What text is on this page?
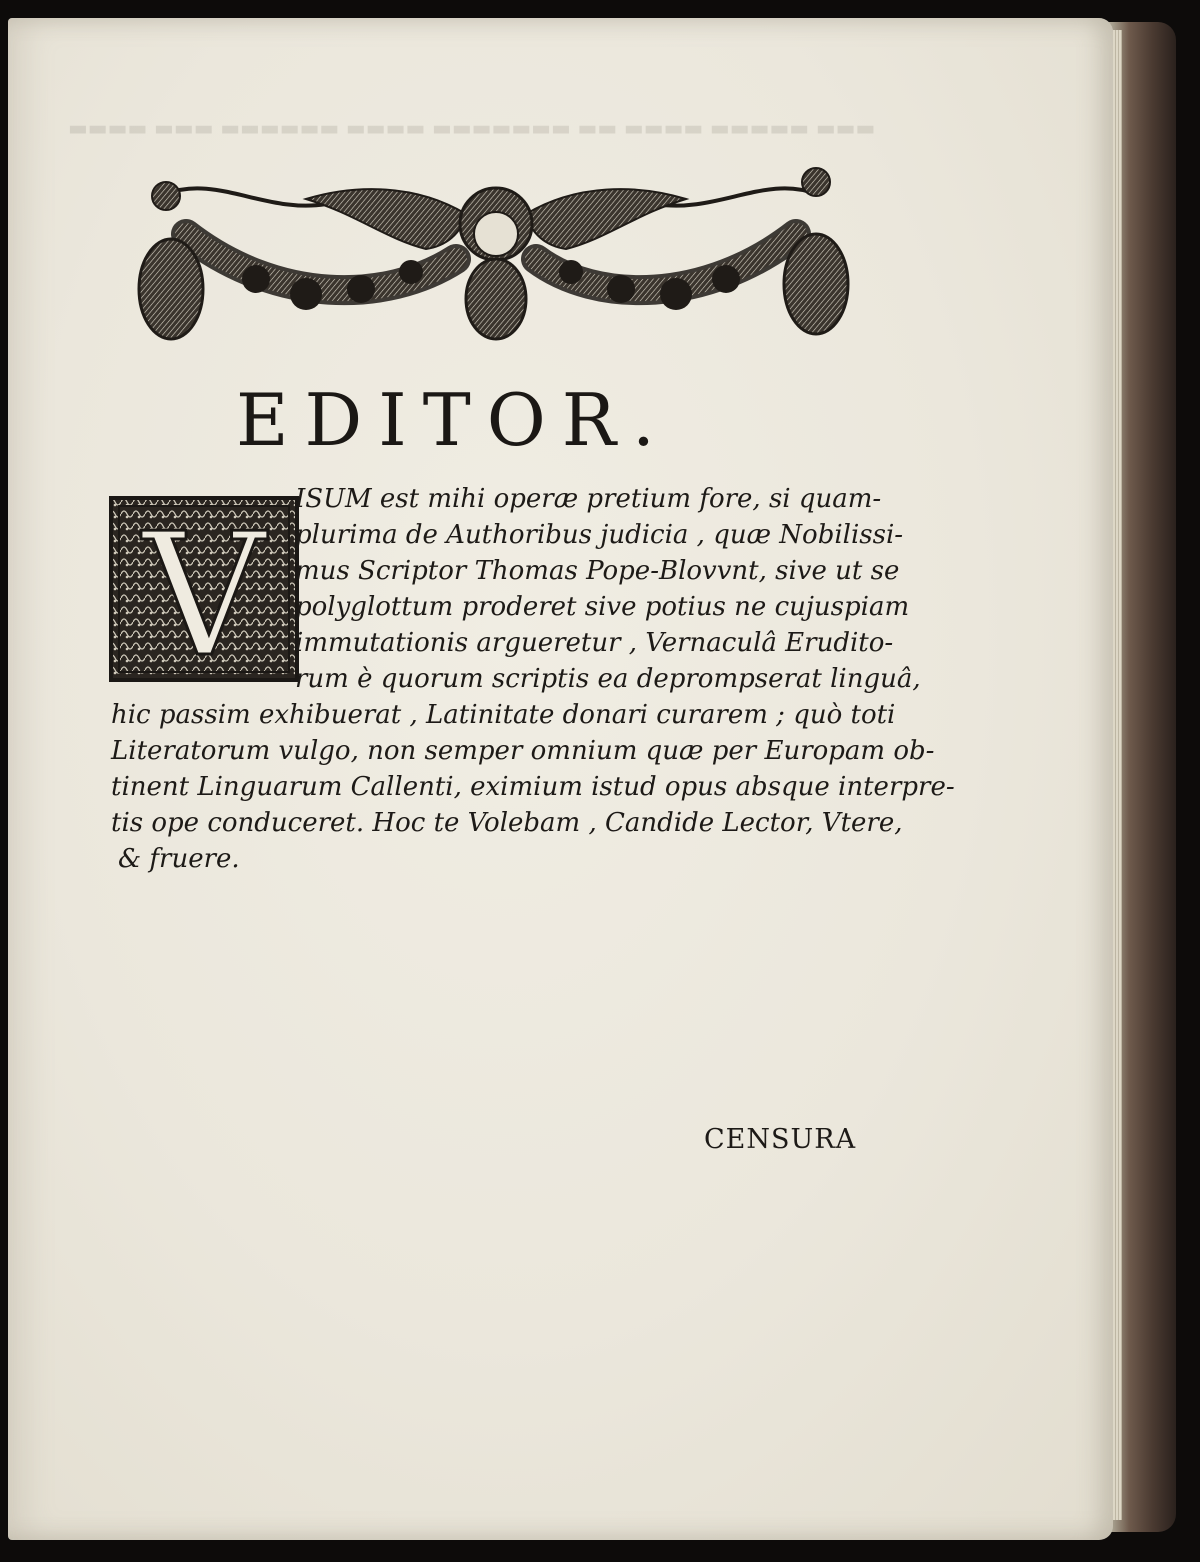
▬▬▬ ▬▬▬▬▬ ▬▬▬▬ ▬▬ ▬▬▬▬▬▬▬ ▬▬▬▬ ▬▬▬▬▬▬ ▬▬▬ ▬▬▬▬
EDITOR.
V ISUM est mihi operæ pretium fore, si quam-
plurima de Authoribus judicia , quæ Nobilissi-
mus Scriptor Thomas Pope-Blovvnt, sive ut se
polyglottum proderet sive potius ne cujuspiam
immutationis argueretur , Vernaculâ Erudito-
rum è quorum scriptis ea deprompserat linguâ,
hic passim exhibuerat , Latinitate donari curarem ; quò toti
Literatorum vulgo, non semper omnium quæ per Europam ob-
tinent Linguarum Callenti, eximium istud opus absque interpre-
tis ope conduceret. Hoc te Volebam , Candide Lector, Vtere,
& fruere.
CENSURA
